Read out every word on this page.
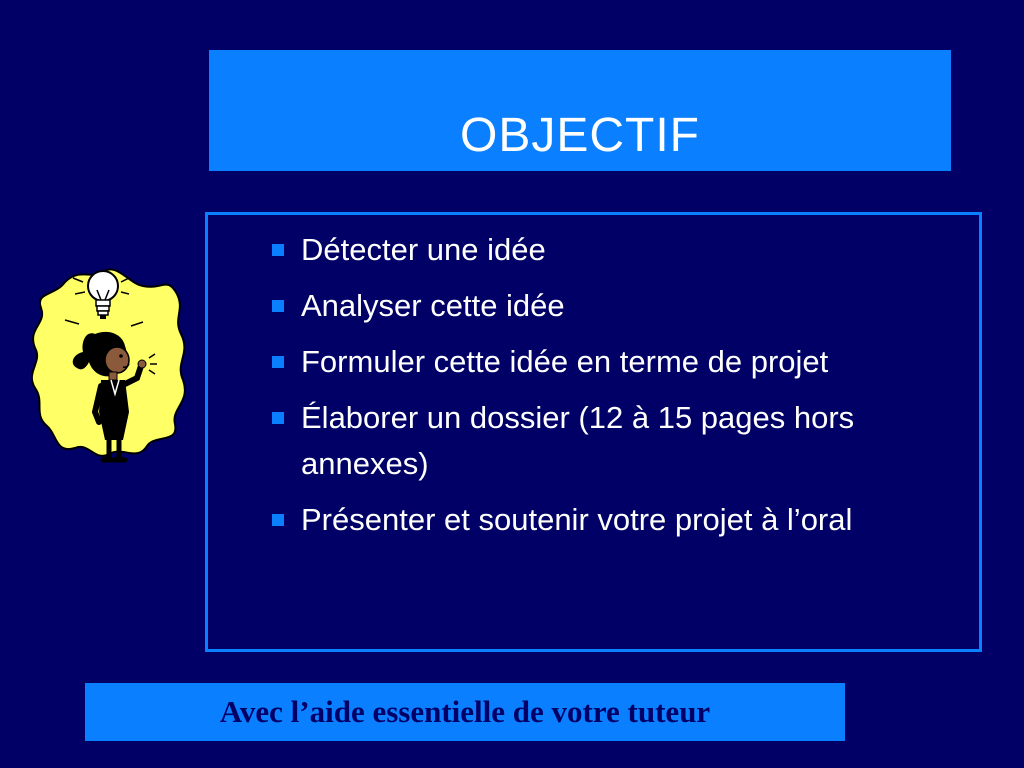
OBJECTIF
Détecter une idée
Analyser cette idée
Formuler cette idée en terme de projet
Élaborer un dossier (12 à 15 pages hors annexes)
Présenter et soutenir votre projet à l’oral
Avec l’aide essentielle de votre tuteur
